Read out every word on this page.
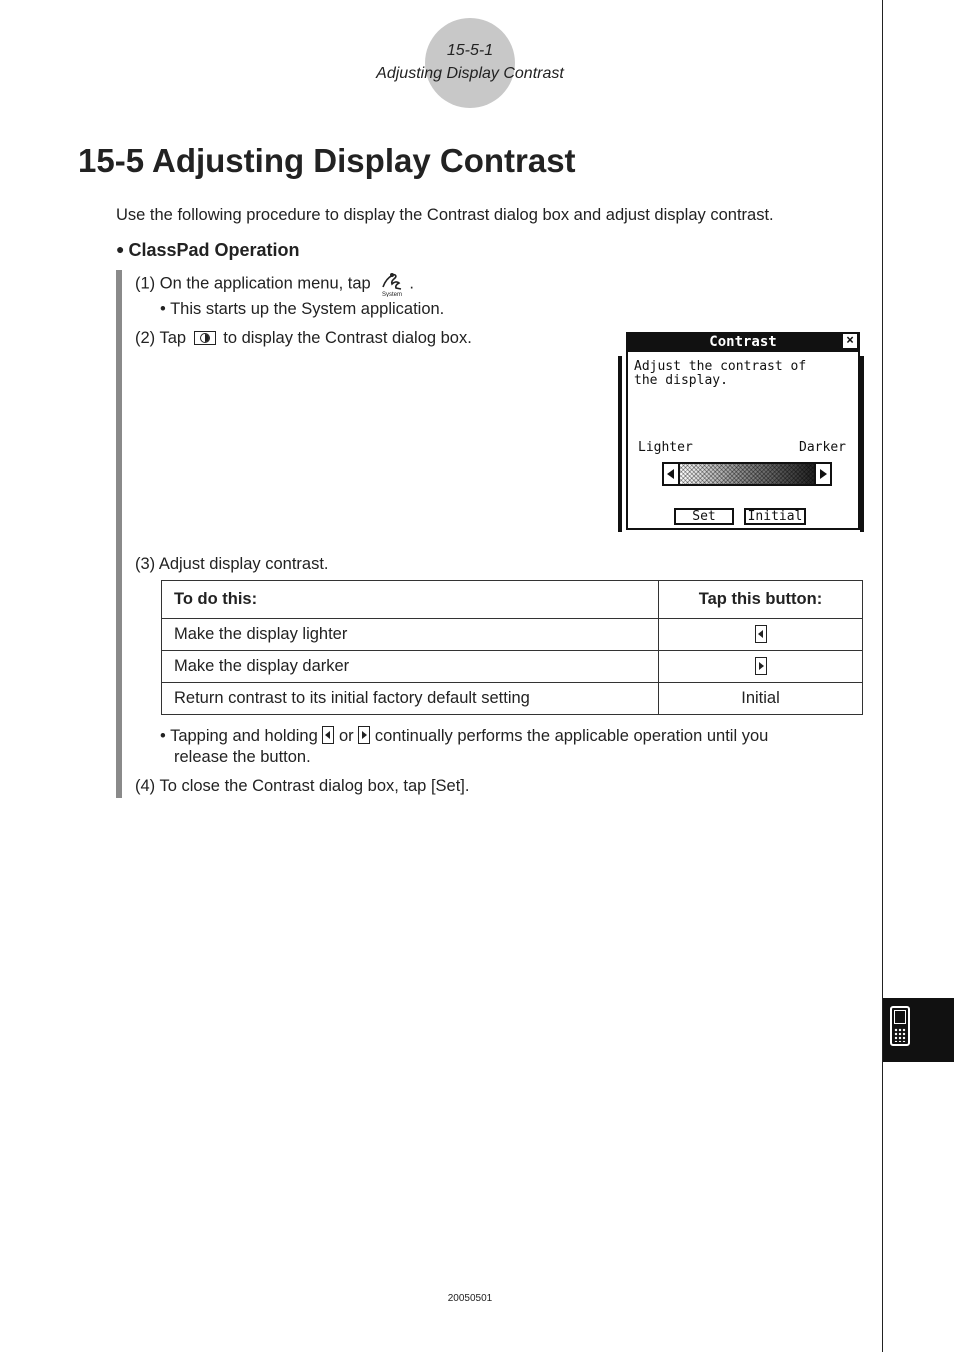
15-5-1
Adjusting Display Contrast
15-5 Adjusting Display Contrast
Use the following procedure to display the Contrast dialog box and adjust display contrast.
● ClassPad Operation
(1) On the application menu, tap
System
.
• This starts up the System application.
(2) Tap to display the Contrast dialog box.	Contrast	×
Adjust the contrast of
the display.
Lighter	Darker
Set	Initial
(3) Adjust display contrast.
To do this:	Tap this button:
Make the display lighter	
Make the display darker	
Return contrast to its initial factory default setting	Initial
• Tapping and holding or continually performs the applicable operation until you
release the button.
(4) To close the Contrast dialog box, tap [Set].
20050501
